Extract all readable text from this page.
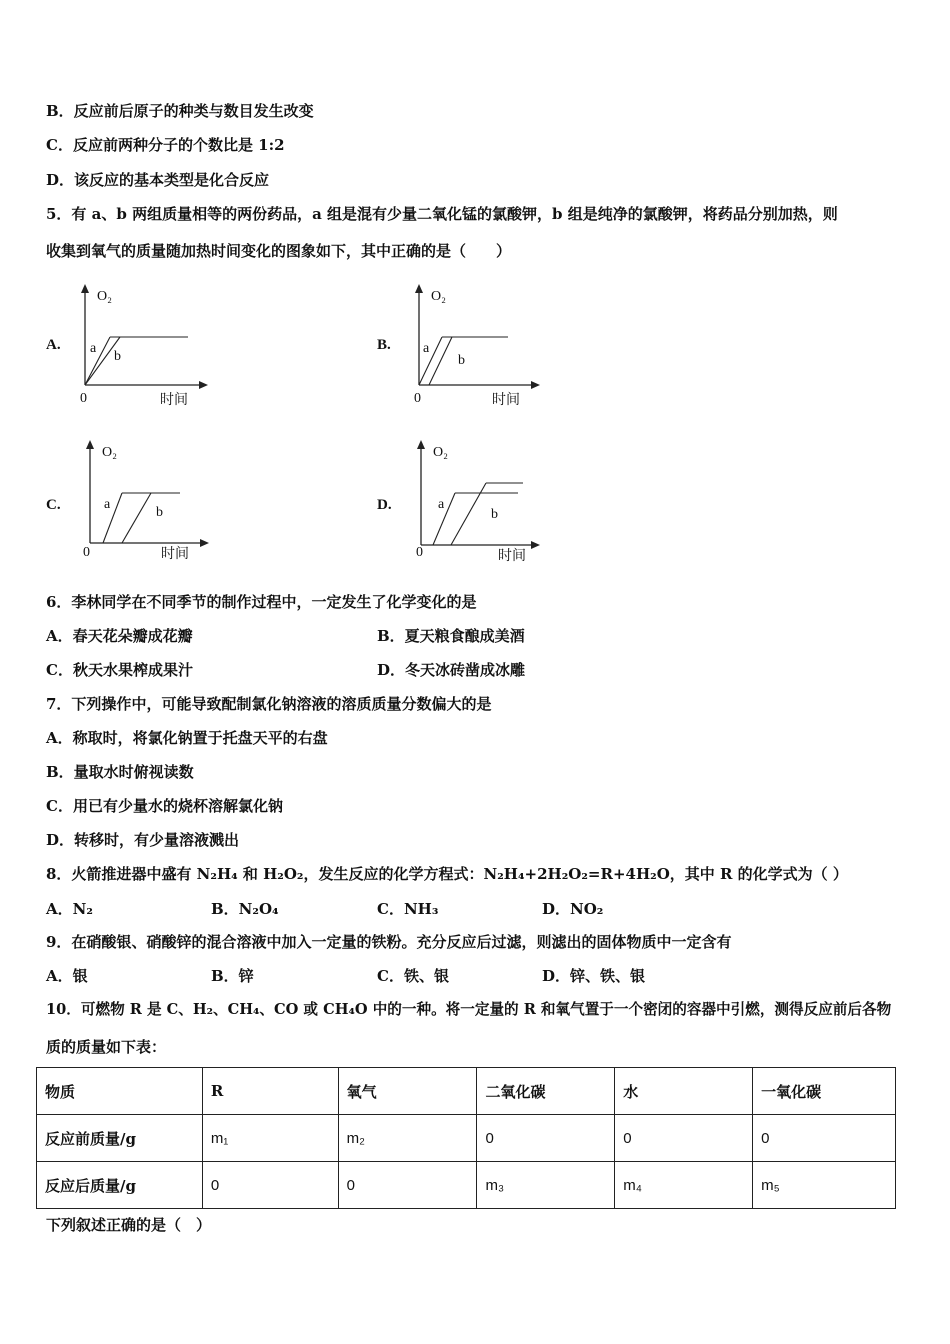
B．反应前后原子的种类与数目发生改变
C．反应前两种分子的个数比是 1:2
D．该反应的基本类型是化合反应
5．有 a、b 两组质量相等的两份药品，a 组是混有少量二氧化锰的氯酸钾，b 组是纯净的氯酸钾，将药品分别加热，则
收集到氧气的质量随加热时间变化的图象如下，其中正确的是（　　）
A.
O₂
0	时间
a
b
B.
O₂
0	时间
a
b
C.
O₂
0	时间
a
b	D.
O₂
0	时间
a
b
6．李林同学在不同季节的制作过程中，一定发生了化学变化的是
A．春天花朵瓣成花瓣	B．夏天粮食酿成美酒
C．秋天水果榨成果汁	D．冬天冰砖凿成冰雕
7．下列操作中，可能导致配制氯化钠溶液的溶质质量分数偏大的是
A．称取时，将氯化钠置于托盘天平的右盘
B．量取水时俯视读数
C．用已有少量水的烧杯溶解氯化钠
D．转移时，有少量溶液溅出
8．火箭推进器中盛有 N₂H₄ 和 H₂O₂，发生反应的化学方程式：N₂H₄+2H₂O₂=R+4H₂O，其中 R 的化学式为（ ）
A．N₂	B．N₂O₄	C．NH₃	D．NO₂
9．在硝酸银、硝酸锌的混合溶液中加入一定量的铁粉。充分反应后过滤，则滤出的固体物质中一定含有
A．银	B．锌	C．铁、银	D．锌、铁、银
10．可燃物 R 是 C、H₂、CH₄、CO 或 CH₄O 中的一种。将一定量的 R 和氧气置于一个密闭的容器中引燃，测得反应前后各物
质的质量如下表：
物质	R	氧气	二氧化碳	水	一氧化碳
反应前质量/g	m₁	m₂	0	0	0
反应后质量/g	0	0	m₃	m₄	m₅
下列叙述正确的是（　）
